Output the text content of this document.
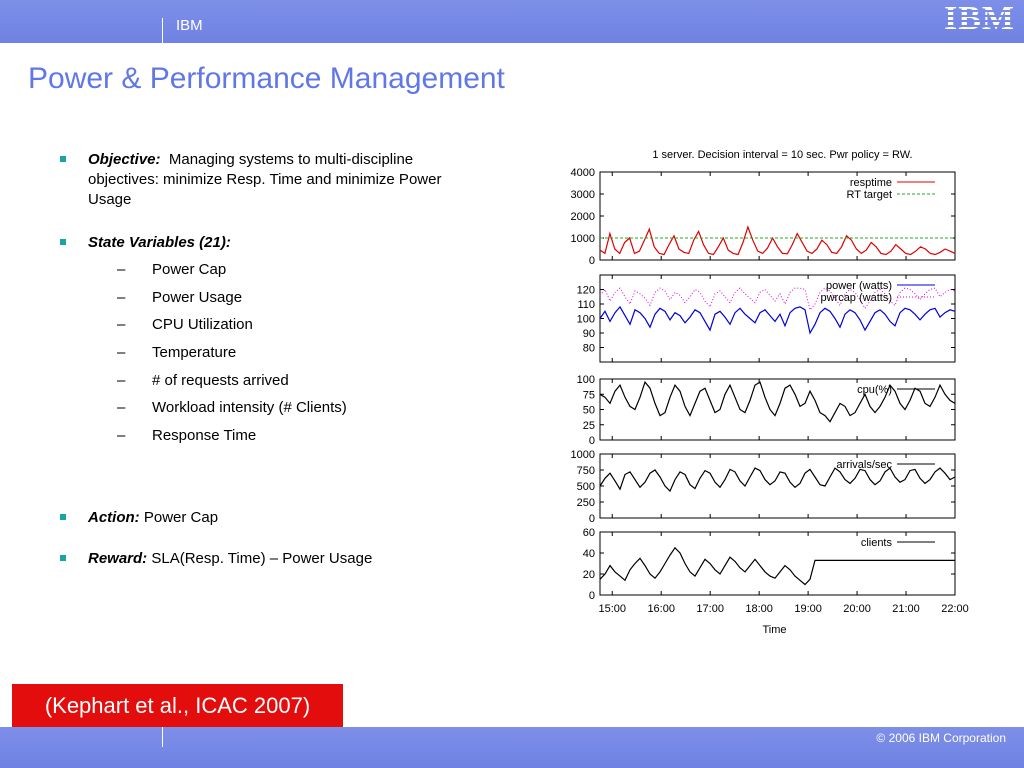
IBM	IBM
Power & Performance Management
Objective: Managing systems to multi-discipline objectives: minimize Resp. Time and minimize Power Usage
State Variables (21):
– Power Cap
– Power Usage
– CPU Utilization
– Temperature
– # of requests arrived
– Workload intensity (# Clients)
– Response Time
Action: Power Cap
Reward: SLA(Resp. Time) – Power Usage
1 server. Decision interval = 10 sec. Pwr policy = RW.
0
1000
2000
3000
4000
resptime
RT target
80
90
100
110
120	power (watts)
pwrcap (watts)
0
25
50
75
100
cpu(%)
0
250
500
750
1000
arrivals/sec
0
20
40
60
clients
15:00 16:00 17:00 18:00 19:00 20:00 21:00 22:00
Time
(Kephart et al., ICAC 2007)
© 2006 IBM Corporation
